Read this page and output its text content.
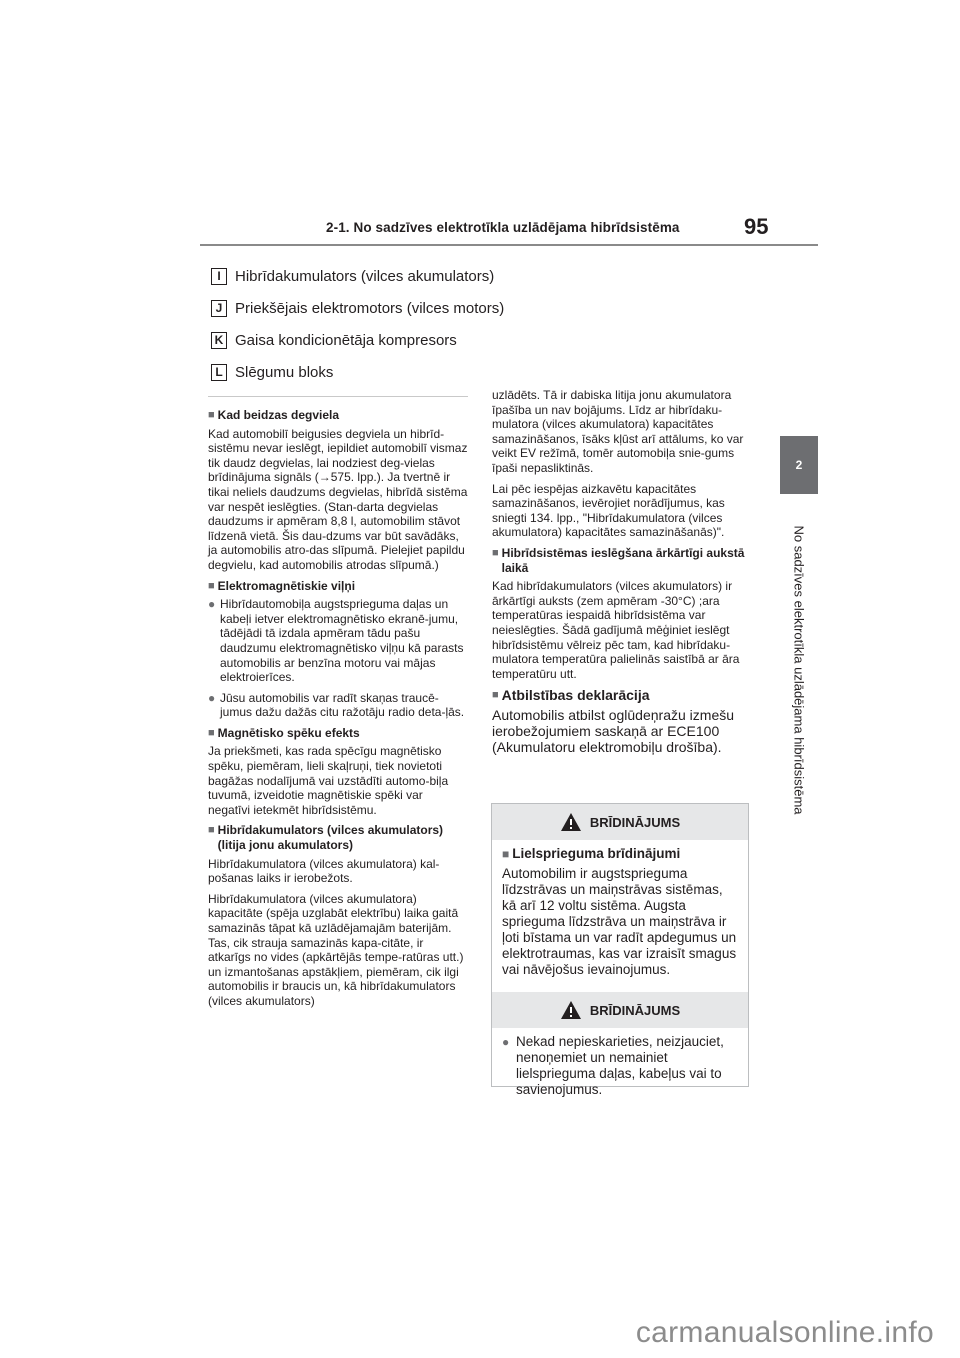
2-1. No sadzīves elektrotīkla uzlādējama hibrīdsistēma	95
2
No sadzīves elektrotīkla uzlādējama hibrīdsistēma
I Hibrīdakumulators (vilces akumulators)
J Priekšējais elektromotors (vilces motors)
K Gaisa kondicionētāja kompresors
L Slēgumu bloks
■ Kad beidzas degviela

Kad automobilī beigusies degviela un hibrīd-sistēmu nevar ieslēgt, iepildiet automobilī vismaz tik daudz degvielas, lai nodziest deg-vielas brīdinājuma signāls (→575. lpp.). Ja tvertnē ir tikai neliels daudzums degvielas, hibrīdā sistēma var nespēt ieslēgties. (Stan-darta degvielas daudzums ir apmēram 8,8 l, automobilim stāvot līdzenā vietā. Šis dau-dzums var būt savādāks, ja automobilis atro-das slīpumā. Pielejiet papildu degvielu, kad automobilis atrodas slīpumā.)

■ Elektromagnētiskie viļņi
● Hibrīdautomobiļa augstsprieguma daļas un kabeļi ietver elektromagnētisko ekranē-jumu, tādējādi tā izdala apmēram tādu pašu daudzumu elektromagnētisko viļņu kā parasts automobilis ar benzīna motoru vai mājas elektroierīces.
● Jūsu automobilis var radīt skaņas traucē-jumus dažu dažās citu ražotāju radio deta-ļās.
■ Magnētisko spēku efekts

Ja priekšmeti, kas rada spēcīgu magnētisko spēku, piemēram, lieli skaļruņi, tiek novietoti bagāžas nodalījumā vai uzstādīti automo-biļa tuvumā, izveidotie magnētiskie spēki var negatīvi ietekmēt hibrīdsistēmu.

■ Hibrīdakumulators (vilces akumulators) (litija jonu akumulators)

Hibrīdakumulatora (vilces akumulatora) kal-pošanas laiks ir ierobežots.

Hibrīdakumulatora (vilces akumulatora) kapacitāte (spēja uzglabāt elektrību) laika gaitā samazinās tāpat kā uzlādējamajām baterijām. Tas, cik strauja samazinās kapa-citāte, ir atkarīgs no vides (apkārtējās tempe-ratūras utt.) un izmantošanas apstākļiem, piemēram, cik ilgi automobilis ir braucis un, kā hibrīdakumulators (vilces akumulators)

uzlādēts. Tā ir dabiska litija jonu akumulatora īpašība un nav bojājums. Līdz ar hibrīdaku-mulatora (vilces akumulatora) kapacitātes samazināšanos, īsāks kļūst arī attālums, ko var veikt EV režīmā, tomēr automobiļa snie-gums īpaši nepasliktinās.

Lai pēc iespējas aizkavētu kapacitātes samazināšanos, ievērojiet norādījumus, kas sniegti 134. lpp., "Hibrīdakumulatora (vilces akumulatora) kapacitātes samazināšanās)".

■ Hibrīdsistēmas ieslēgšana ārkārtīgi aukstā laikā

Kad hibrīdakumulators (vilces akumulators) ir ārkārtīgi auksts (zem apmēram -30°C) ;ara temperatūras iespaidā hibrīdsistēma var neieslēgties. Šādā gadījumā mēģiniet ieslēgt hibrīdsistēmu vēlreiz pēc tam, kad hibrīdaku-mulatora temperatūra palielinās saistībā ar āra temperatūru utt.

■ Atbilstības deklarācija

Automobilis atbilst oglūdeņražu izmešu ierobežojumiem saskaņā ar ECE100 (Akumulatoru elektromobiļu drošība).

BRĪDINĀJUMS
■ Lielsprieguma brīdinājumi
Automobilim ir augstsprieguma līdzstrāvas un maiņstrāvas sistēmas, kā arī 12 voltu sistēma. Augsta sprieguma līdzstrāva un maiņstrāva ir ļoti bīstama un var radīt apdegumus un elektrotraumas, kas var izraisīt smagus vai nāvējošus ievainojumus.
BRĪDINĀJUMS
● Nekad nepieskarieties, neizjauciet, nenoņemiet un nemainiet lielsprieguma daļas, kabeļus vai to savienojumus.
carmanualsonline.info
